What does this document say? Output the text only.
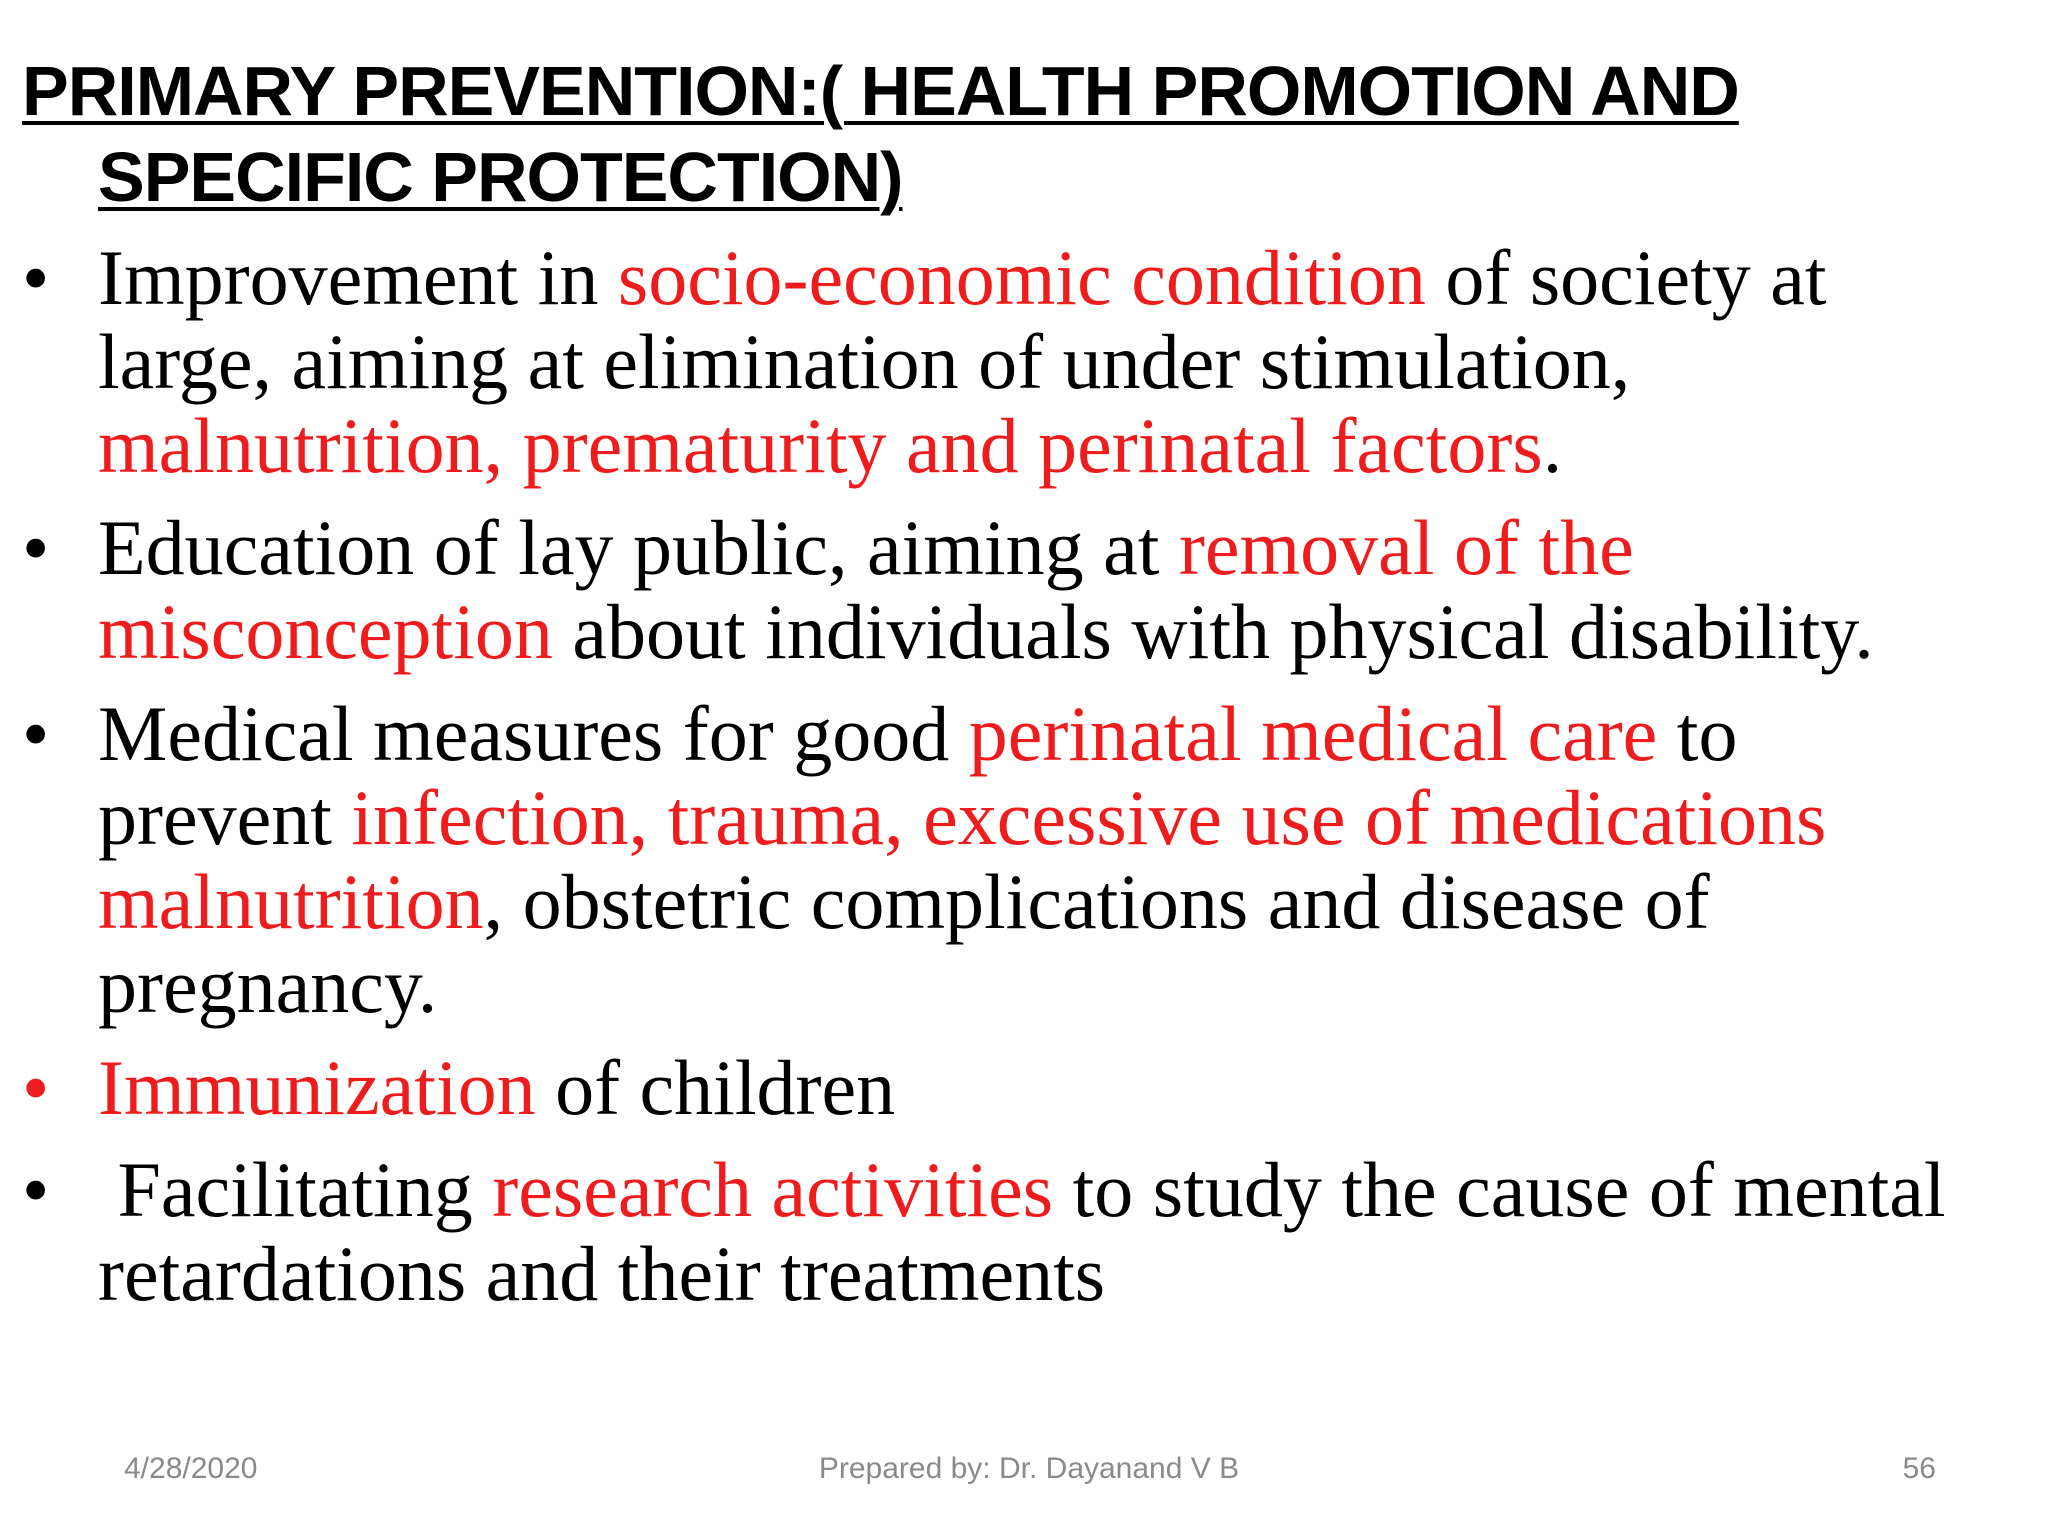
PRIMARY PREVENTION:( HEALTH PROMOTION AND
SPECIFIC PROTECTION)
• Improvement in socio-economic condition of society at large, aiming at elimination of under stimulation, malnutrition, prematurity and perinatal factors.
• Education of lay public, aiming at removal of the misconception about individuals with physical disability.
• Medical measures for good perinatal medical care to prevent infection, trauma, excessive use of medications malnutrition, obstetric complications and disease of pregnancy.
• Immunization of children
• Facilitating research activities to study the cause of mental retardations and their treatments
4/28/2020	Prepared by: Dr. Dayanand V B	56
